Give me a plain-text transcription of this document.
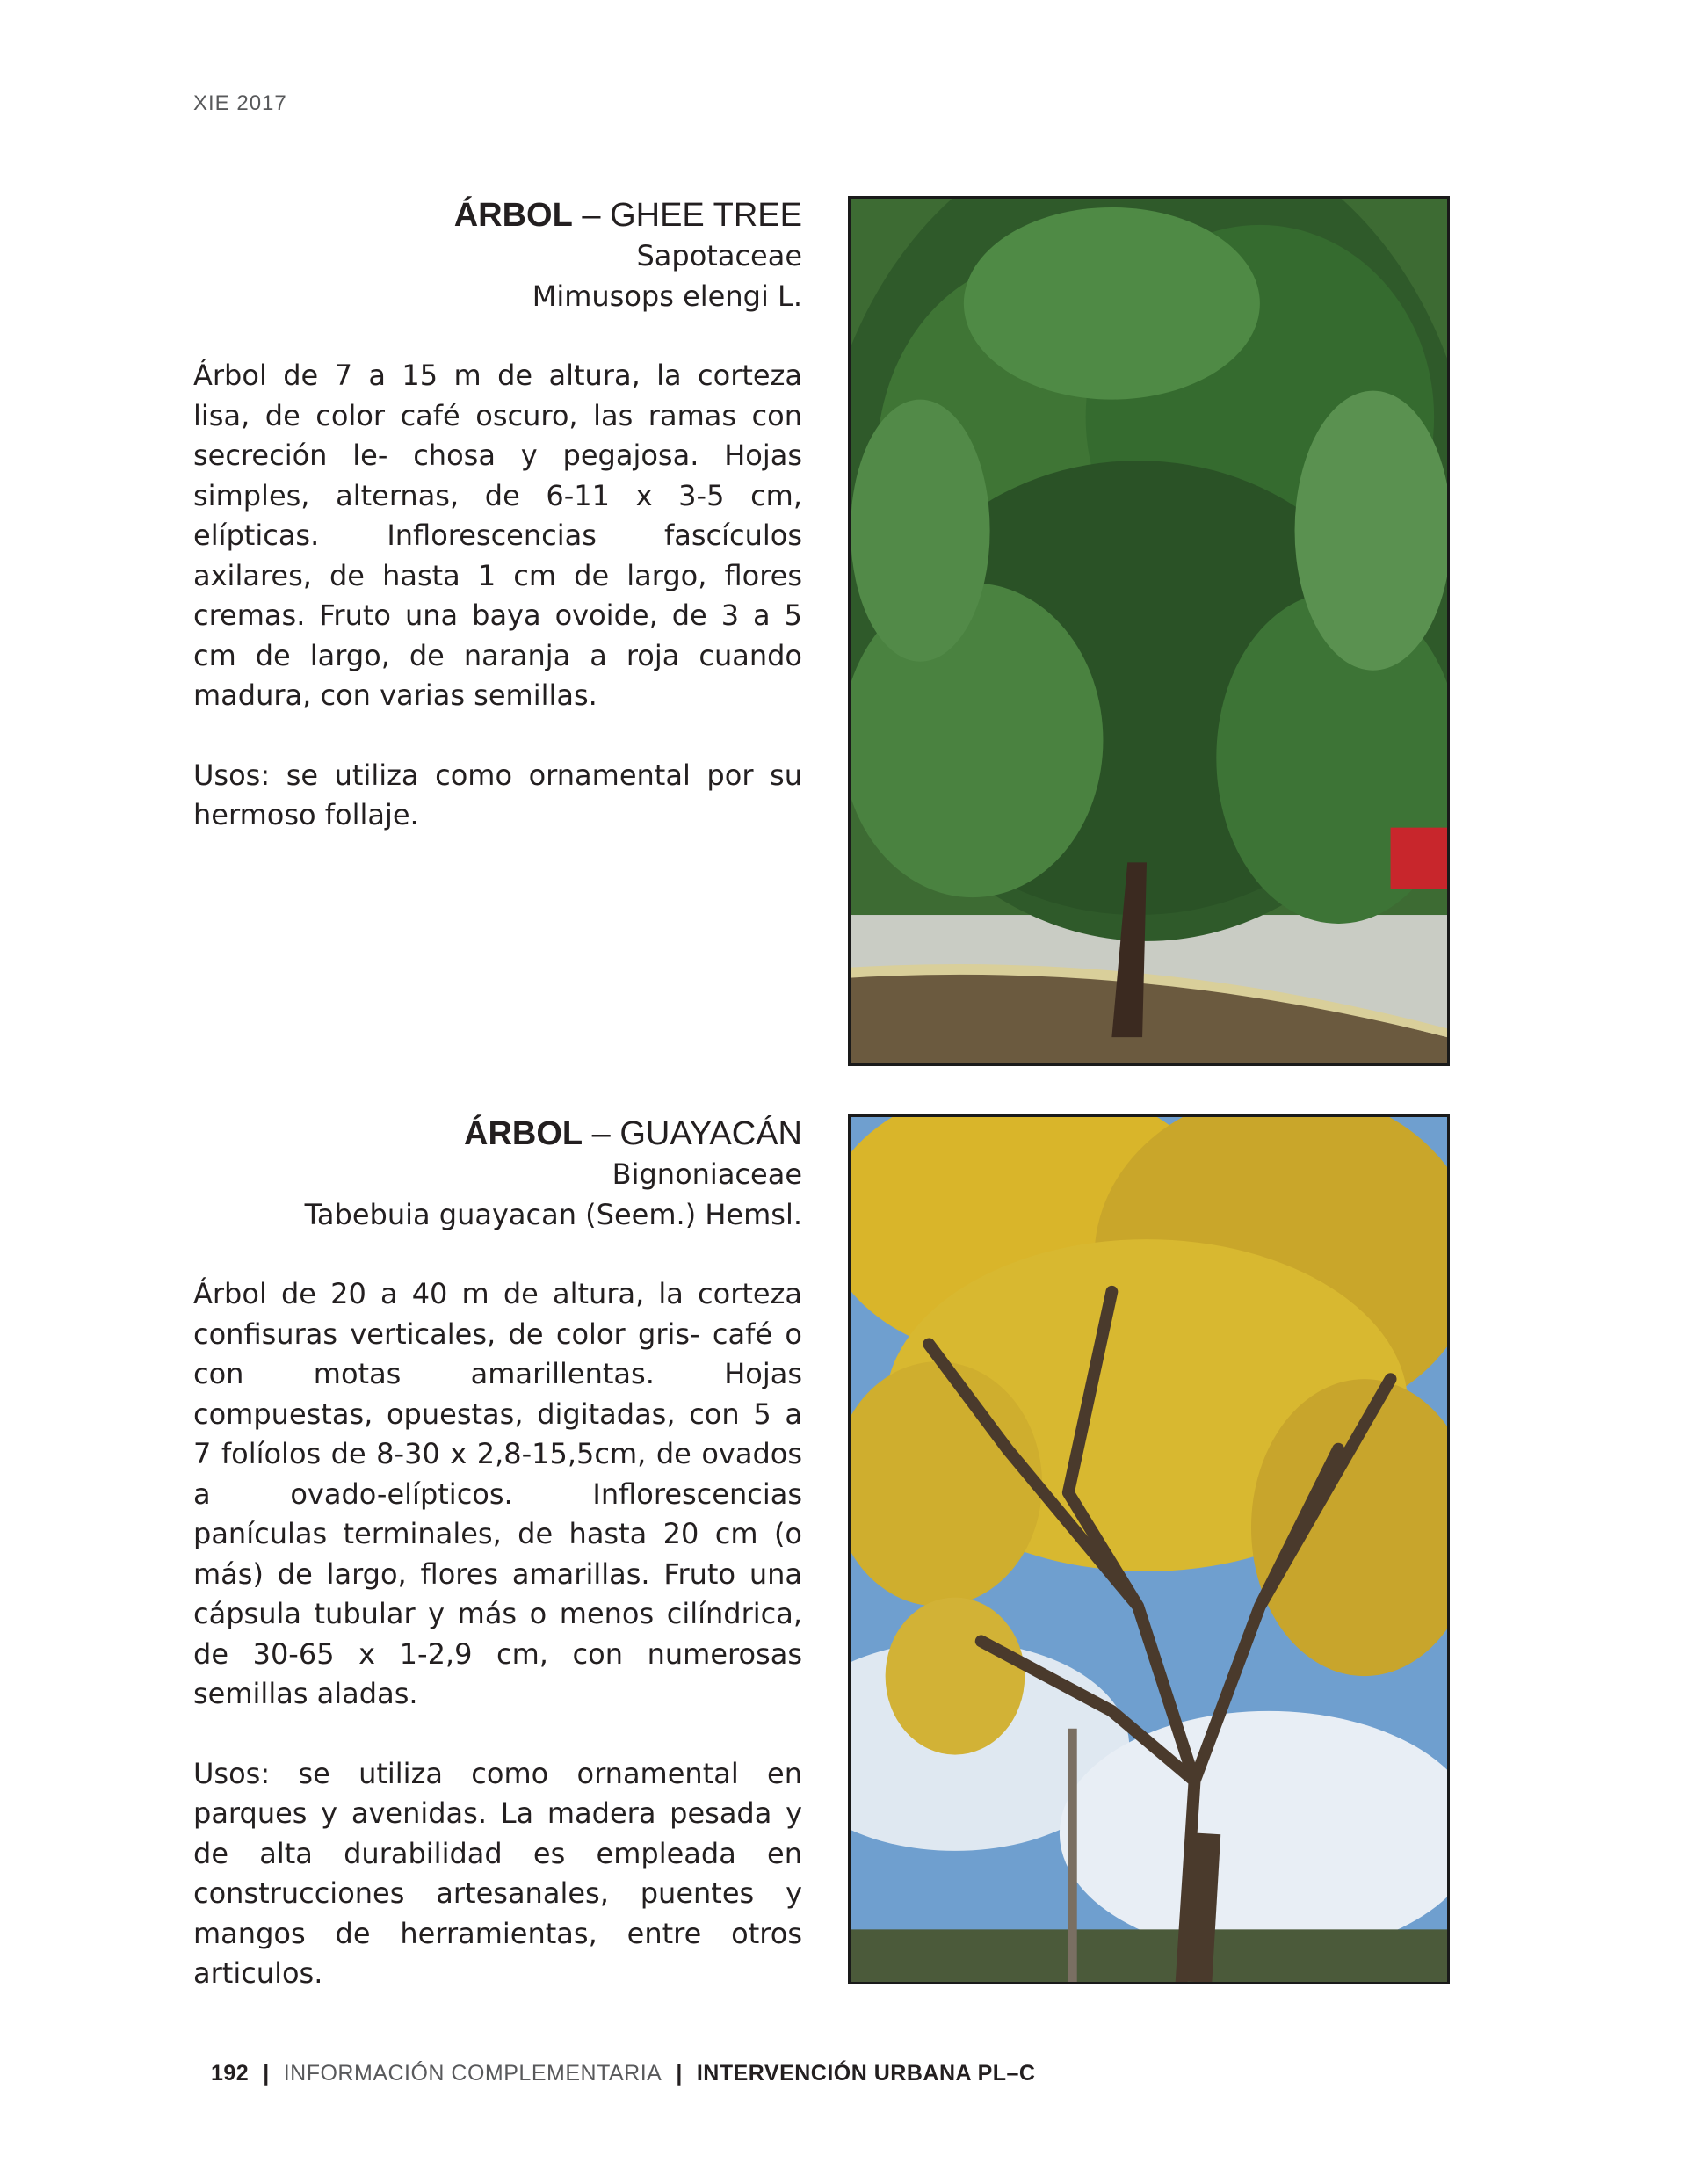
XIE 2017
ÁRBOL – GHEE TREE
Sapotaceae
Mimusops elengi L.

Árbol de 7 a 15 m de altura, la corteza lisa, de color café oscuro, las ramas con secreción le- chosa y pegajosa. Hojas simples, alternas, de 6-11 x 3-5 cm, elípticas. Inflorescencias fascículos axilares, de hasta 1 cm de largo, flores cremas. Fruto una baya ovoide, de 3 a 5 cm de largo, de naranja a roja cuando madura, con varias semillas.

Usos: se utiliza como ornamental por su hermoso follaje.

ÁRBOL – GUAYACÁN
Bignoniaceae
Tabebuia guayacan (Seem.) Hemsl.

Árbol de 20 a 40 m de altura, la corteza confisuras verticales, de color gris- café o con motas amarillentas. Hojas compuestas, opuestas, digitadas, con 5 a 7 folíolos de 8-30 x 2,8-15,5cm, de ovados a ovado-elípticos. Inflorescencias panículas terminales, de hasta 20 cm (o más) de largo, flores amarillas. Fruto una cápsula tubular y más o menos cilíndrica, de 30-65 x 1-2,9 cm, con numerosas semillas aladas.

Usos: se utiliza como ornamental en parques y avenidas. La madera pesada y de alta durabilidad es empleada en construcciones artesanales, puentes y mangos de herramientas, entre otros articulos.

192 | INFORMACIÓN COMPLEMENTARIA | INTERVENCIÓN URBANA PL–C
